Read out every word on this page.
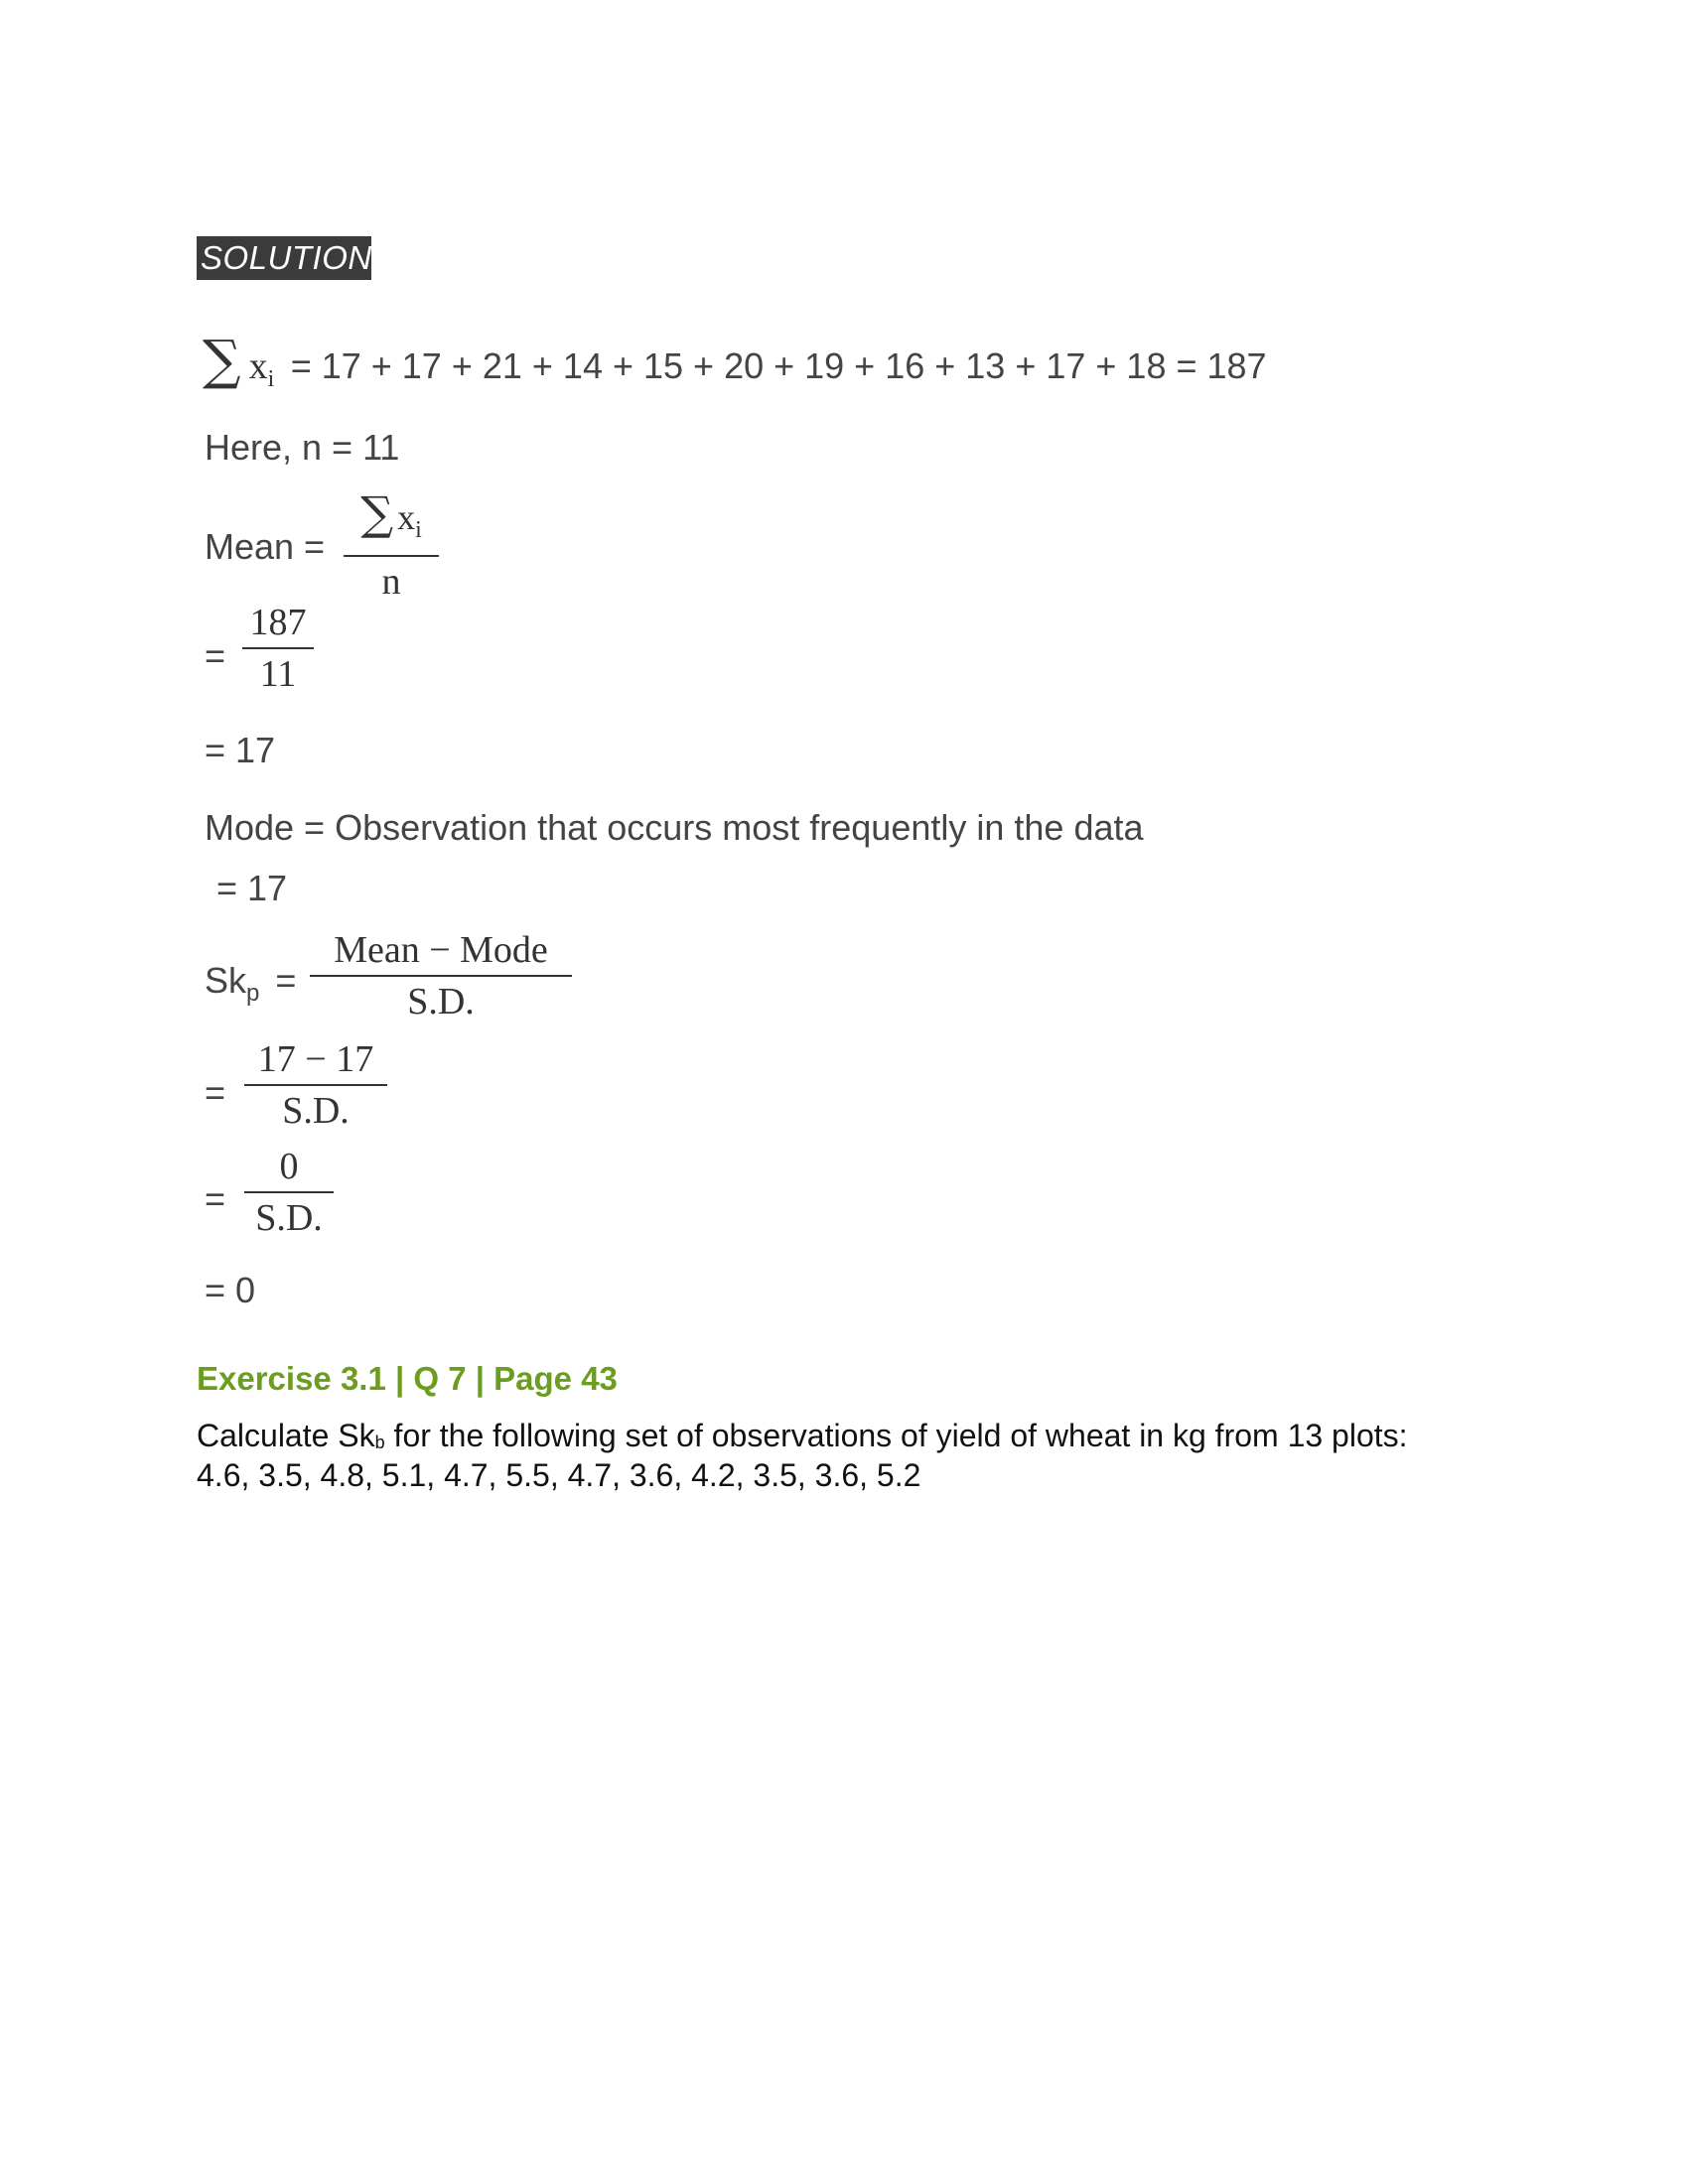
SOLUTION
∑ $x_i = 17 + 17 + 21 + 14 + 15 + 20 + 19 + 16 + 13 + 17 + 18 = 187$
Here, n = 11
Mean =
∑ $x_i$
n
=
187
11
= 17
Mode = Observation that occurs most frequently in the data
= 17
$Sk_p$ =
Mean − Mode
S.D.
=
17 − 17
S.D.
=
0
S.D.
= 0
Exercise 3.1 | Q 7 | Page 43
Calculate Skb for the following set of observations of yield of wheat in kg from 13 plots:
4.6, 3.5, 4.8, 5.1, 4.7, 5.5, 4.7, 3.6, 4.2, 3.5, 3.6, 5.2
